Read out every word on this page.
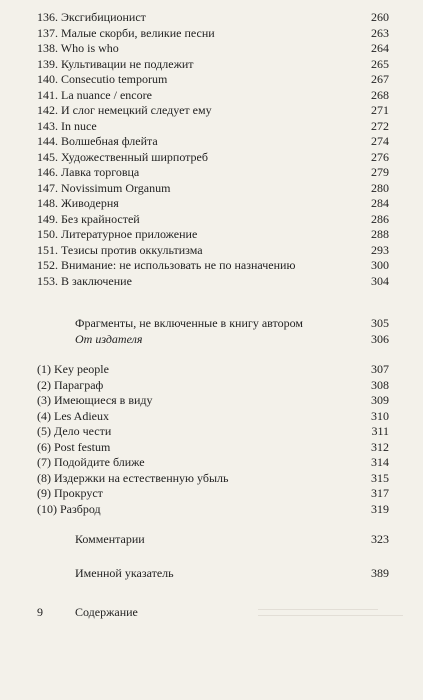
136. Эксгибиционист	260
137. Малые скорби, великие песни	263
138. Who is who	264
139. Культивации не подлежит	265
140. Consecutio temporum	267
141. La nuance / encore	268
142. И слог немецкий следует ему	271
143. In nuce	272
144. Волшебная флейта	274
145. Художественный ширпотреб	276
146. Лавка торговца	279
147. Novissimum Organum	280
148. Живодерня	284
149. Без крайностей	286
150. Литературное приложение	288
151. Тезисы против оккультизма	293
152. Внимание: не использовать не по назначению	300
153. В заключение	304
Фрагменты, не включенные в книгу автором	305
От издателя	306
(1) Key people	307
(2) Параграф	308
(3) Имеющиеся в виду	309
(4) Les Adieux	310
(5) Дело чести	311
(6) Post festum	312
(7) Подойдите ближе	314
(8) Издержки на естественную убыль	315
(9) Прокруст	317
(10) Разброд	319
Комментарии	323
Именной указатель	389
9	Содержание
